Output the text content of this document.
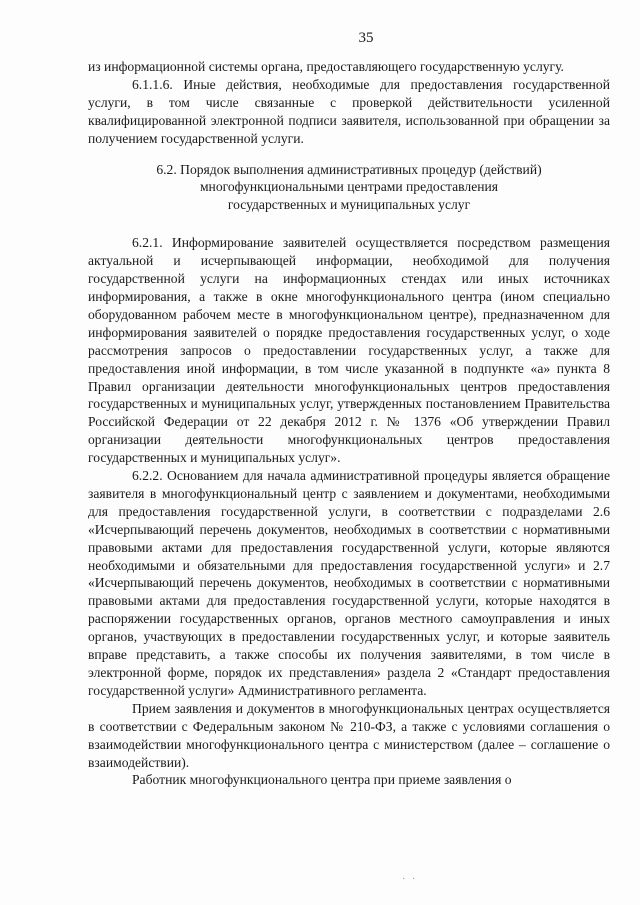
35

из информационной системы органа, предоставляющего государственную услугу.

6.1.1.6. Иные действия, необходимые для предоставления государственной услуги, в том числе связанные с проверкой действительности усиленной квалифицированной электронной подписи заявителя, использованной при обращении за получением государственной услуги.

6.2. Порядок выполнения административных процедур (действий)
многофункциональными центрами предоставления
государственных и муниципальных услуг

6.2.1. Информирование заявителей осуществляется посредством размещения актуальной и исчерпывающей информации, необходимой для получения государственной услуги на информационных стендах или иных источниках информирования, а также в окне многофункционального центра (ином специально оборудованном рабочем месте в многофункциональном центре), предназначенном для информирования заявителей о порядке предоставления государственных услуг, о ходе рассмотрения запросов о предоставлении государственных услуг, а также для предоставления иной информации, в том числе указанной в подпункте «а» пункта 8 Правил организации деятельности многофункциональных центров предоставления государственных и муниципальных услуг, утвержденных постановлением Правительства Российской Федерации от 22 декабря 2012 г. № 1376 «Об утверждении Правил организации деятельности многофункциональных центров предоставления государственных и муниципальных услуг».

6.2.2. Основанием для начала административной процедуры является обращение заявителя в многофункциональный центр с заявлением и документами, необходимыми для предоставления государственной услуги, в соответствии с подразделами 2.6 «Исчерпывающий перечень документов, необходимых в соответствии с нормативными правовыми актами для предоставления государственной услуги, которые являются необходимыми и обязательными для предоставления государственной услуги» и 2.7 «Исчерпывающий перечень документов, необходимых в соответствии с нормативными правовыми актами для предоставления государственной услуги, которые находятся в распоряжении государственных органов, органов местного самоуправления и иных органов, участвующих в предоставлении государственных услуг, и которые заявитель вправе представить, а также способы их получения заявителями, в том числе в электронной форме, порядок их представления» раздела 2 «Стандарт предоставления государственной услуги» Административного регламента.

Прием заявления и документов в многофункциональных центрах осуществляется в соответствии с Федеральным законом № 210-ФЗ, а также с условиями соглашения о взаимодействии многофункционального центра с министерством (далее – соглашение о взаимодействии).

Работник многофункционального центра при приеме заявления о

· ·
